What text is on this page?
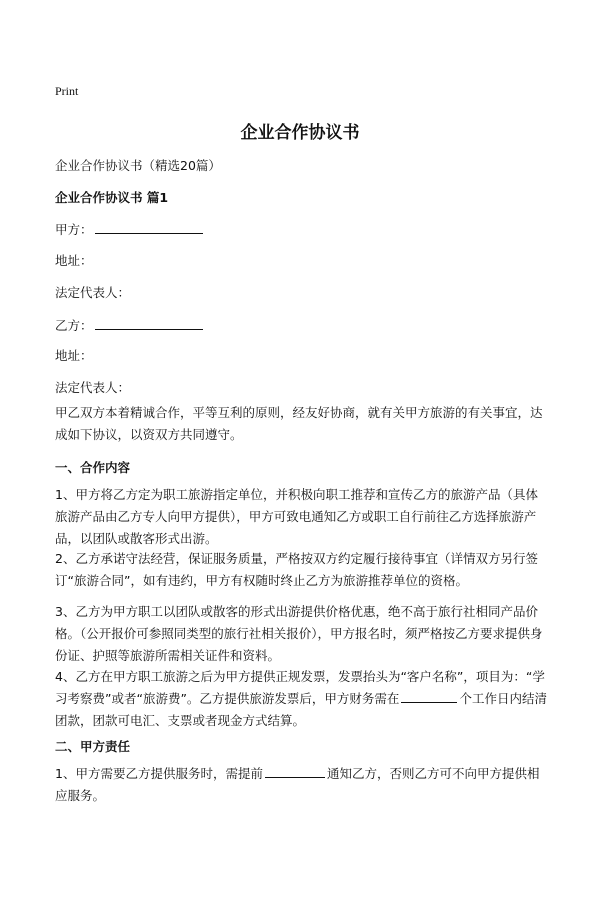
Print
企业合作协议书
企业合作协议书（精选20篇）
企业合作协议书 篇1
甲方：
地址：
法定代表人：
乙方：
地址：
法定代表人：
甲乙双方本着精诚合作，平等互利的原则，经友好协商，就有关甲方旅游的有关事宜，达成如下协议，以资双方共同遵守。
一、合作内容
1、甲方将乙方定为职工旅游指定单位，并积极向职工推荐和宣传乙方的旅游产品（具体旅游产品由乙方专人向甲方提供），甲方可致电通知乙方或职工自行前往乙方选择旅游产品，以团队或散客形式出游。
2、乙方承诺守法经营，保证服务质量，严格按双方约定履行接待事宜（详情双方另行签订“旅游合同”，如有违约，甲方有权随时终止乙方为旅游推荐单位的资格。
3、乙方为甲方职工以团队或散客的形式出游提供价格优惠，绝不高于旅行社相同产品价格。（公开报价可参照同类型的旅行社相关报价），甲方报名时，须严格按乙方要求提供身份证、护照等旅游所需相关证件和资料。
4、乙方在甲方职工旅游之后为甲方提供正规发票，发票抬头为“客户名称”，项目为：“学习考察费”或者“旅游费”。乙方提供旅游发票后，甲方财务需在	个工作日内结清团款，团款可电汇、支票或者现金方式结算。
二、甲方责任
1、甲方需要乙方提供服务时，需提前	通知乙方，否则乙方可不向甲方提供相应服务。
